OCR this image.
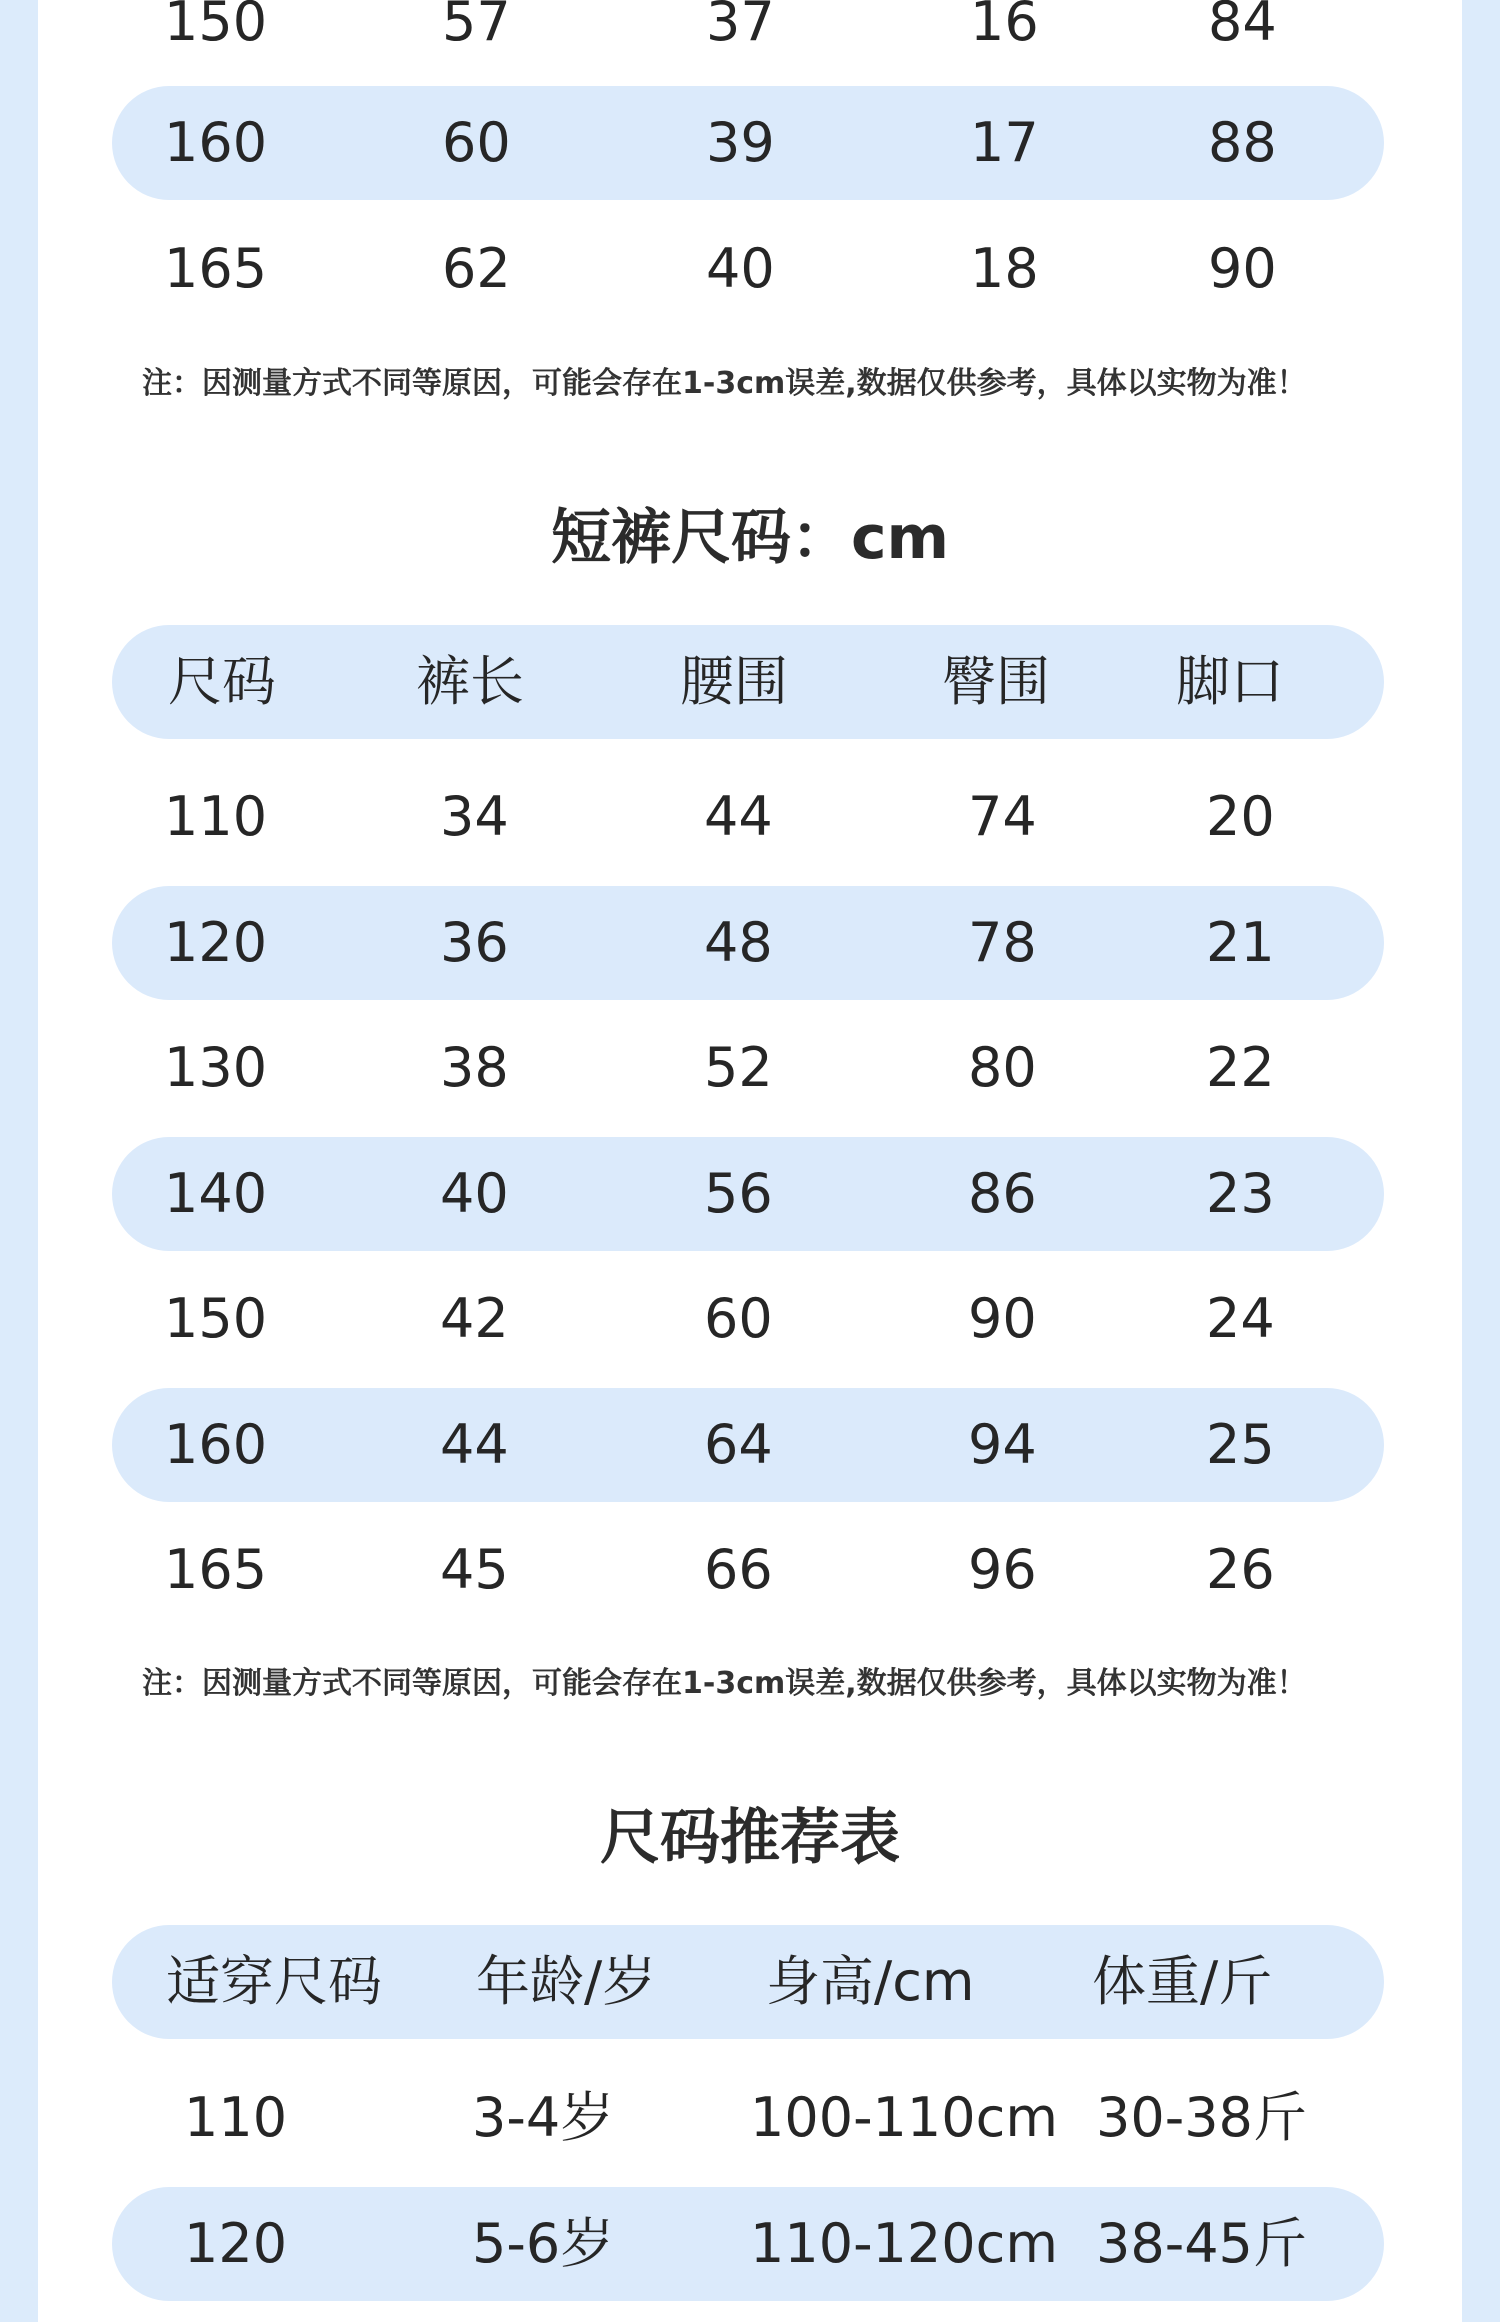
150	57	37	16	84
160	60	39	17	88
165	62	40	18	90
注：因测量方式不同等原因，可能会存在1-3cm误差,数据仅供参考，具体以实物为准！
短裤尺码：cm
尺码	裤长	腰围	臀围 脚口
110	34	44	74	20
120	36	48	78	21
130	38	52	80	22
140	40	56	86	23
150	42	60	90	24
160	44	64	94	25
165	45	66	96	26
注：因测量方式不同等原因，可能会存在1-3cm误差,数据仅供参考，具体以实物为准！
尺码推荐表
适穿尺码 年龄/岁 身高/cm 体重/斤
110	3-4岁	100-110cm 30-38斤
120	5-6岁	110-120cm 38-45斤
